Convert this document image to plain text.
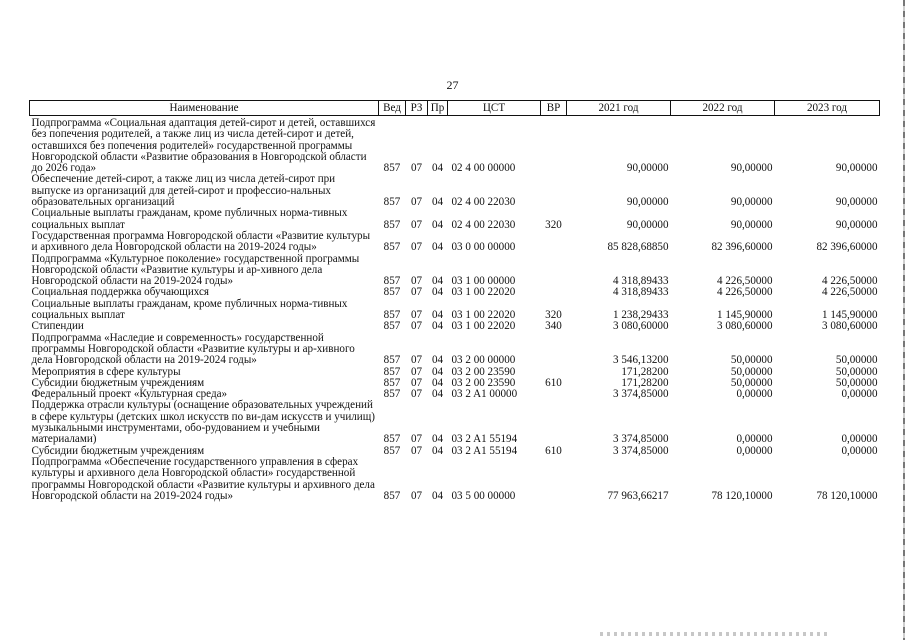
27
Наименование	Вед	РЗ	Пр	ЦСТ	ВР	2021 год	2022 год	2023 год
Подпрограмма «Социальная адаптация детей-сирот и детей, оставшихся без попечения родителей, а также лиц из числа детей-сирот и детей, оставшихся без попечения родителей» государственной программы Новгородской области «Развитие образования в Новгородской области до 2026 года»	857	07	04	02 4 00 00000		90,00000	90,00000	90,00000
Обеспечение детей-сирот, а также лиц из числа детей-сирот при выпуске из организаций для детей-сирот и профессио-нальных образовательных организаций	857	07	04	02 4 00 22030		90,00000	90,00000	90,00000
Социальные выплаты гражданам, кроме публичных норма-тивных социальных выплат	857	07	04	02 4 00 22030	320	90,00000	90,00000	90,00000
Государственная программа Новгородской области «Развитие культуры и архивного дела Новгородской области на 2019-2024 годы»	857	07	04	03 0 00 00000		85 828,68850	82 396,60000	82 396,60000
Подпрограмма «Культурное поколение» государственной программы Новгородской области «Развитие культуры и ар-хивного дела Новгородской области на 2019-2024 годы»	857	07	04	03 1 00 00000		4 318,89433	4 226,50000	4 226,50000
Социальная поддержка обучающихся	857	07	04	03 1 00 22020		4 318,89433	4 226,50000	4 226,50000
Социальные выплаты гражданам, кроме публичных норма-тивных социальных выплат	857	07	04	03 1 00 22020	320	1 238,29433	1 145,90000	1 145,90000
Стипендии	857	07	04	03 1 00 22020	340	3 080,60000	3 080,60000	3 080,60000
Подпрограмма «Наследие и современность» государственной программы Новгородской области «Развитие культуры и ар-хивного дела Новгородской области на 2019-2024 годы»	857	07	04	03 2 00 00000		3 546,13200	50,00000	50,00000
Мероприятия в сфере культуры	857	07	04	03 2 00 23590		171,28200	50,00000	50,00000
Субсидии бюджетным учреждениям	857	07	04	03 2 00 23590	610	171,28200	50,00000	50,00000
Федеральный проект «Культурная среда»	857	07	04	03 2 A1 00000		3 374,85000	0,00000	0,00000
Поддержка отрасли культуры (оснащение образовательных учреждений в сфере культуры (детских школ искусств по ви-дам искусств и училищ) музыкальными инструментами, обо-рудованием и учебными материалами)	857	07	04	03 2 A1 55194		3 374,85000	0,00000	0,00000
Субсидии бюджетным учреждениям	857	07	04	03 2 A1 55194	610	3 374,85000	0,00000	0,00000
Подпрограмма «Обеспечение государственного управления в сферах культуры и архивного дела Новгородской области» государственной программы Новгородской области «Развитие культуры и архивного дела Новгородской области на 2019-2024 годы»	857	07	04	03 5 00 00000		77 963,66217	78 120,10000	78 120,10000
